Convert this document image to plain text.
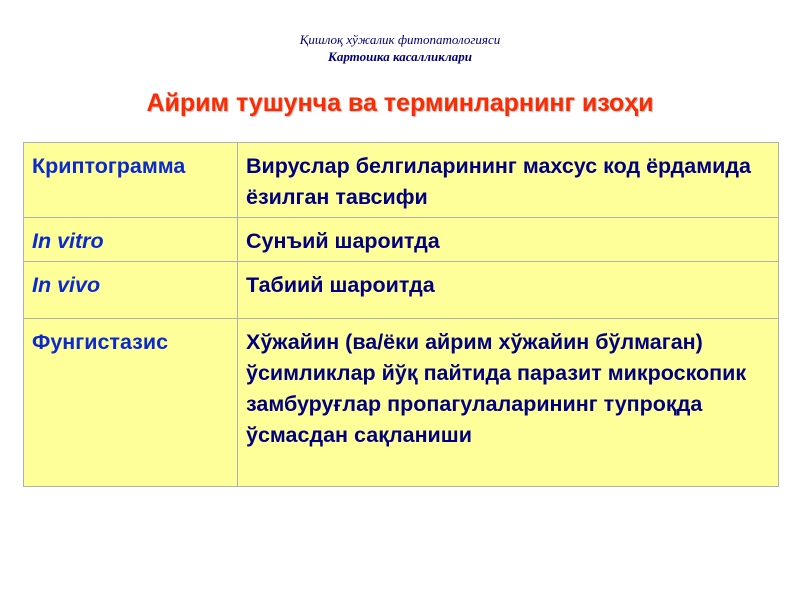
Қишлоқ хўжалик фитопатологияси
Картошка касалликлари
Айрим тушунча ва терминларнинг изоҳи
Криптограмма	Вируслар белгиларининг махсус код ёрдамида ёзилган тавсифи
In vitro	Сунъий шароитда
In vivo	Табиий шароитда
Фунгистазис	Хўжайин (ва/ёки айрим хўжайин бўлмаган) ўсимликлар йўқ пайтида паразит микроскопик замбуруғлар пропагулаларининг тупроқда ўсмасдан сақланиши
